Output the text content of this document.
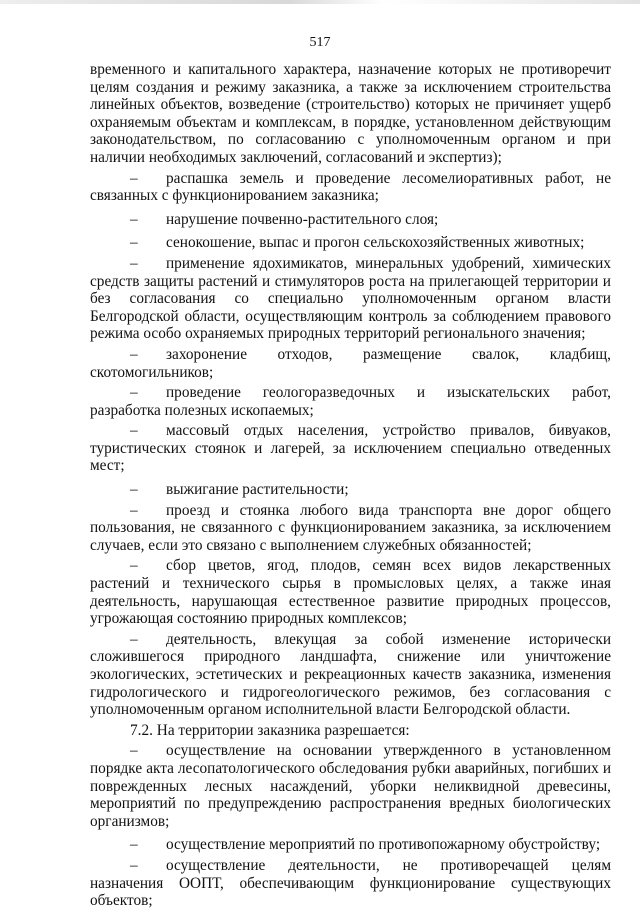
517

временного и капитального характера, назначение которых не противоречит целям создания и режиму заказника, а также за исключением строительства линейных объектов, возведение (строительство) которых не причиняет ущерб охраняемым объектам и комплексам, в порядке, установленном действующим законодательством, по согласованию с уполномоченным органом и при наличии необходимых заключений, согласований и экспертиз);

– распашка земель и проведение лесомелиоративных работ, не связанных с функционированием заказника;

– нарушение почвенно-растительного слоя;

– сенокошение, выпас и прогон сельскохозяйственных животных;

– применение ядохимикатов, минеральных удобрений, химических средств защиты растений и стимуляторов роста на прилегающей территории и без согласования со специально уполномоченным органом власти Белгородской области, осуществляющим контроль за соблюдением правового режима особо охраняемых природных территорий регионального значения;

– захоронение отходов, размещение свалок, кладбищ, скотомогильников;

– проведение геологоразведочных и изыскательских работ, разработка полезных ископаемых;

– массовый отдых населения, устройство привалов, бивуаков, туристических стоянок и лагерей, за исключением специально отведенных мест;

– выжигание растительности;

– проезд и стоянка любого вида транспорта вне дорог общего пользования, не связанного с функционированием заказника, за исключением случаев, если это связано с выполнением служебных обязанностей;

– сбор цветов, ягод, плодов, семян всех видов лекарственных растений и технического сырья в промысловых целях, а также иная деятельность, нарушающая естественное развитие природных процессов, угрожающая состоянию природных комплексов;

– деятельность, влекущая за собой изменение исторически сложившегося природного ландшафта, снижение или уничтожение экологических, эстетических и рекреационных качеств заказника, изменения гидрологического и гидрогеологического режимов, без согласования с уполномоченным органом исполнительной власти Белгородской области.

7.2. На территории заказника разрешается:

– осуществление на основании утвержденного в установленном порядке акта лесопатологического обследования рубки аварийных, погибших и поврежденных лесных насаждений, уборки неликвидной древесины, мероприятий по предупреждению распространения вредных биологических организмов;

– осуществление мероприятий по противопожарному обустройству;

– осуществление деятельности, не противоречащей целям назначения ООПТ, обеспечивающим функционирование существующих объектов;
